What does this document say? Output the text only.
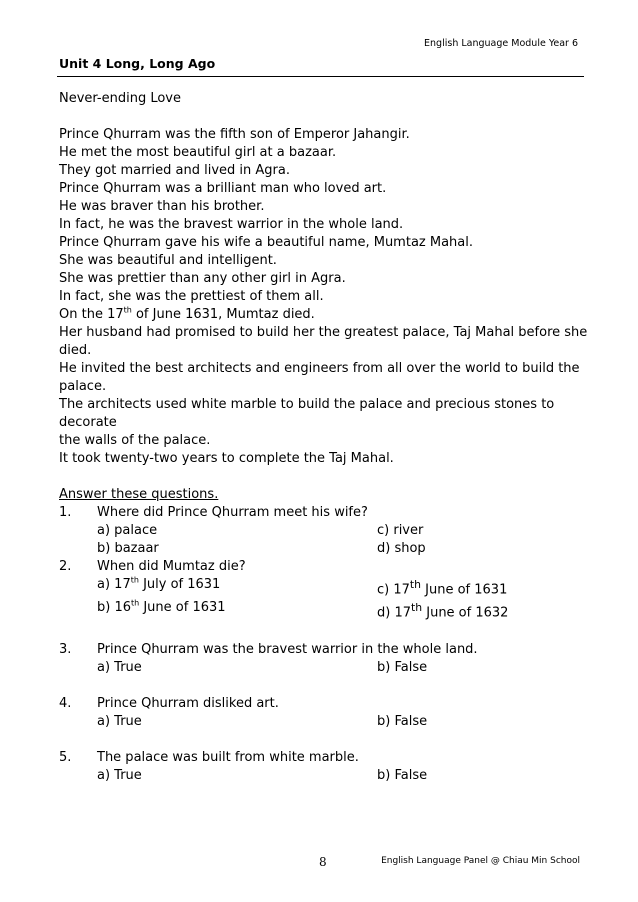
English Language Module Year 6
Unit 4 Long, Long Ago

Never-ending Love

Prince Qhurram was the fifth son of Emperor Jahangir.

He met the most beautiful girl at a bazaar.

They got married and lived in Agra.

Prince Qhurram was a brilliant man who loved art.

He was braver than his brother.

In fact, he was the bravest warrior in the whole land.

Prince Qhurram gave his wife a beautiful name, Mumtaz Mahal.

She was beautiful and intelligent.

She was prettier than any other girl in Agra.

In fact, she was the prettiest of them all.

On the 17th of June 1631, Mumtaz died.

Her husband had promised to build her the greatest palace, Taj Mahal before she

died.

He invited the best architects and engineers from all over the world to build the

palace.

The architects used white marble to build the palace and precious stones to decorate

the walls of the palace.

It took twenty-two years to complete the Taj Mahal.

Answer these questions.

1.	Where did Prince Qhurram meet his wife?
a) palace	c) river
b) bazaar	d) shop
2.	When did Mumtaz die?
a) 17th July of 1631	c) 17th June of 1631
b) 16th June of 1631	d) 17th June of 1632
3.	Prince Qhurram was the bravest warrior in the whole land.
a) True	b) False
4.	Prince Qhurram disliked art.
a) True	b) False
5.	The palace was built from white marble.
a) True	b) False
8	English Language Panel @ Chiau Min School
